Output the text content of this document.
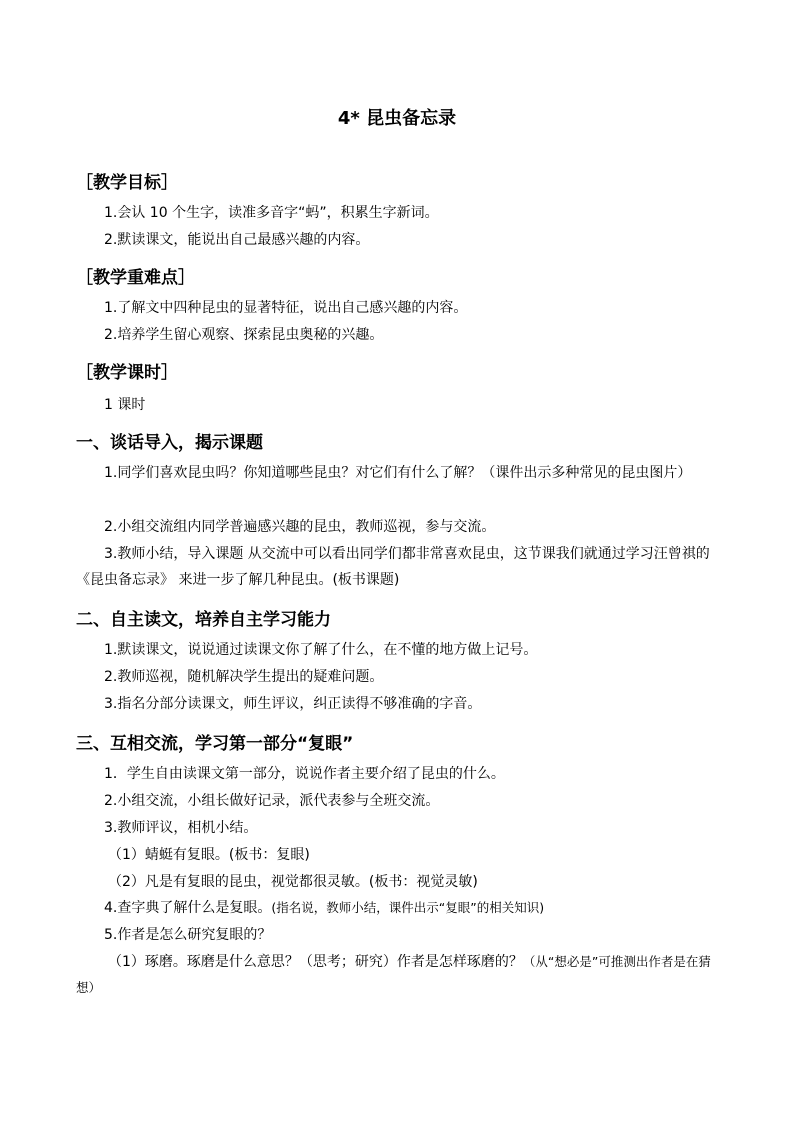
4* 昆虫备忘录
［教学目标］
1.会认 10 个生字，读准多音字“蚂”，积累生字新词。
2.默读课文，能说出自己最感兴趣的内容。
［教学重难点］
1.了解文中四种昆虫的显著特征，说出自己感兴趣的内容。
2.培养学生留心观察、探索昆虫奥秘的兴趣。
［教学课时］
1 课时
一、谈话导入，揭示课题
1.同学们喜欢昆虫吗？你知道哪些昆虫？对它们有什么了解？（课件出示多种常见的昆虫图片）
2.小组交流组内同学普遍感兴趣的昆虫，教师巡视，参与交流。
3.教师小结，导入课题 从交流中可以看出同学们都非常喜欢昆虫，这节课我们就通过学习汪曾祺的《昆虫备忘录》 来进一步了解几种昆虫。(板书课题)
二、自主读文，培养自主学习能力
1.默读课文，说说通过读课文你了解了什么，在不懂的地方做上记号。
2.教师巡视，随机解决学生提出的疑难问题。
3.指名分部分读课文，师生评议，纠正读得不够准确的字音。
三、互相交流，学习第一部分“复眼”
1．学生自由读课文第一部分，说说作者主要介绍了昆虫的什么。
2.小组交流，小组长做好记录，派代表参与全班交流。
3.教师评议，相机小结。
（1）蜻蜓有复眼。(板书：复眼)
（2）凡是有复眼的昆虫，视觉都很灵敏。(板书：视觉灵敏)
4.查字典了解什么是复眼。(指名说，教师小结，课件出示“复眼”的相关知识)
5.作者是怎么研究复眼的？
（1）琢磨。琢磨是什么意思？（思考；研究）作者是怎样琢磨的？（从“想必是”可推测出作者是在猜想）
